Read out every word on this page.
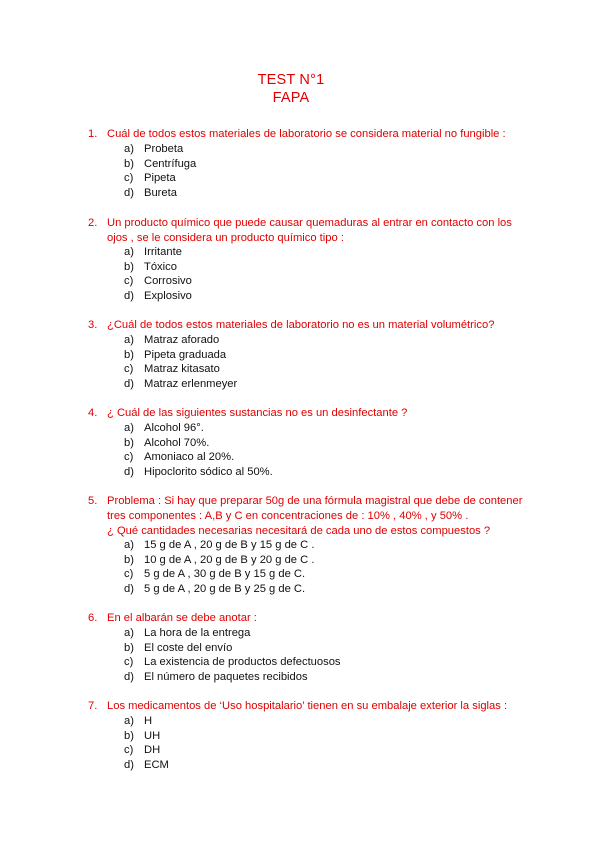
TEST N°1
FAPA
1. Cuál de todos estos materiales de laboratorio se considera material no fungible :
a) Probeta
b) Centrífuga
c) Pipeta
d) Bureta
2. Un producto químico que puede causar quemaduras al entrar en contacto con los
ojos , se le considera un producto químico tipo :
a) Irritante
b) Tóxico
c) Corrosivo
d) Explosivo
3. ¿Cuál de todos estos materiales de laboratorio no es un material volumétrico?
a) Matraz aforado
b) Pipeta graduada
c) Matraz kitasato
d) Matraz erlenmeyer
4. ¿ Cuál de las siguientes sustancias no es un desinfectante ?
a) Alcohol 96°.
b) Alcohol 70%.
c) Amoniaco al 20%.
d) Hipoclorito sódico al 50%.
5. Problema : Si hay que preparar 50g de una fórmula magistral que debe de contener
tres componentes : A,B y C en concentraciones de : 10% , 40% , y 50% .
¿ Qué cantidades necesarias necesitará de cada uno de estos compuestos ?
a) 15 g de A , 20 g de B y 15 g de C .
b) 10 g de A , 20 g de B y 20 g de C .
c) 5 g de A , 30 g de B y 15 g de C.
d) 5 g de A , 20 g de B y 25 g de C.
6. En el albarán se debe anotar :
a) La hora de la entrega
b) El coste del envío
c) La existencia de productos defectuosos
d) El número de paquetes recibidos
7. Los medicamentos de ‘Uso hospitalario’ tienen en su embalaje exterior la siglas :
a) H
b) UH
c) DH
d) ECM
